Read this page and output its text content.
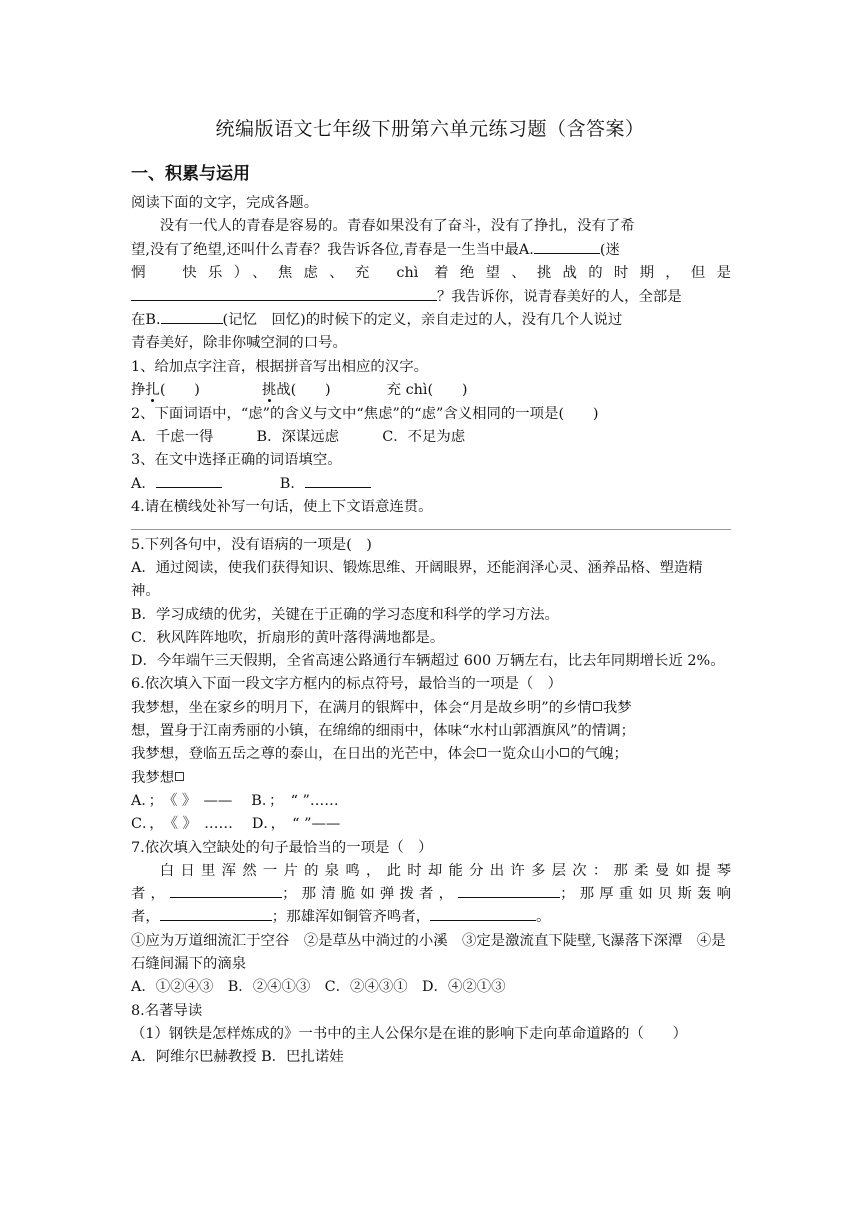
统编版语文七年级下册第六单元练习题（含答案）
一、积累与运用

阅读下面的文字，完成各题。

没有一代人的青春是容易的。青春如果没有了奋斗，没有了挣扎，没有了希

望,没有了绝望,还叫什么青春？我告诉各位,青春是一生当中最A.	(迷

惘　快乐）、焦虑、充 chì 着绝望、挑战的时期，但是

？我告诉你，说青春美好的人，全部是

在B.	(记忆　回忆)的时候下的定义，亲自走过的人，没有几个人说过

青春美好，除非你喊空洞的口号。

1、给加点字注音，根据拼音写出相应的汉字。

挣扎(　　)	挑战(　　)	充 chì(　　)

2、下面词语中，“虑”的含义与文中“焦虑”的“虑”含义相同的一项是(　　)

A．千虑一得　　　B．深谋远虑　　　C．不足为虑

3、在文中选择正确的词语填空。

A．	B．

4.请在横线处补写一句话，使上下文语意连贯。

5.下列各句中，没有语病的一项是(　)

A．通过阅读，使我们获得知识、锻炼思维、开阔眼界，还能润泽心灵、涵养品格、塑造精神。

B．学习成绩的优劣，关键在于正确的学习态度和科学的学习方法。

C．秋风阵阵地吹，折扇形的黄叶落得满地都是。

D．今年端午三天假期，全省高速公路通行车辆超过 600 万辆左右，比去年同期增长近 2%。

6.依次填入下面一段文字方框内的标点符号，最恰当的一项是（　）

我梦想，坐在家乡的明月下，在满月的银辉中，体会“月是故乡明”的乡情 我梦

想，置身于江南秀丽的小镇，在绵绵的细雨中，体味“水村山郭酒旗风”的情调；

我梦想，登临五岳之尊的泰山，在日出的光芒中，体会 一览众山小 的气魄；

我梦想

A．；　《 》　——　 B．；　“ ”……

C．，　《 》　……　 D．，　“ ”——

7.依次填入空缺处的句子最恰当的一项是（　）

白日里浑然一片的泉鸣，此时却能分出许多层次：那柔曼如提琴

者，	；那清脆如弹拨者，	；那厚重如贝斯轰响

者，	；那雄浑如铜管齐鸣者，	。

①应为万道细流汇于空谷　②是草丛中淌过的小溪　③定是激流直下陡壁,飞瀑落下深潭　④是石缝间漏下的滴泉

A．①②④③　B．②④①③　C．②④③①　D．④②①③

8.名著导读

（1）钢铁是怎样炼成的》一书中的主人公保尔是在谁的影响下走向革命道路的（　　）

A．阿维尔巴赫教授 B．巴扎诺娃
